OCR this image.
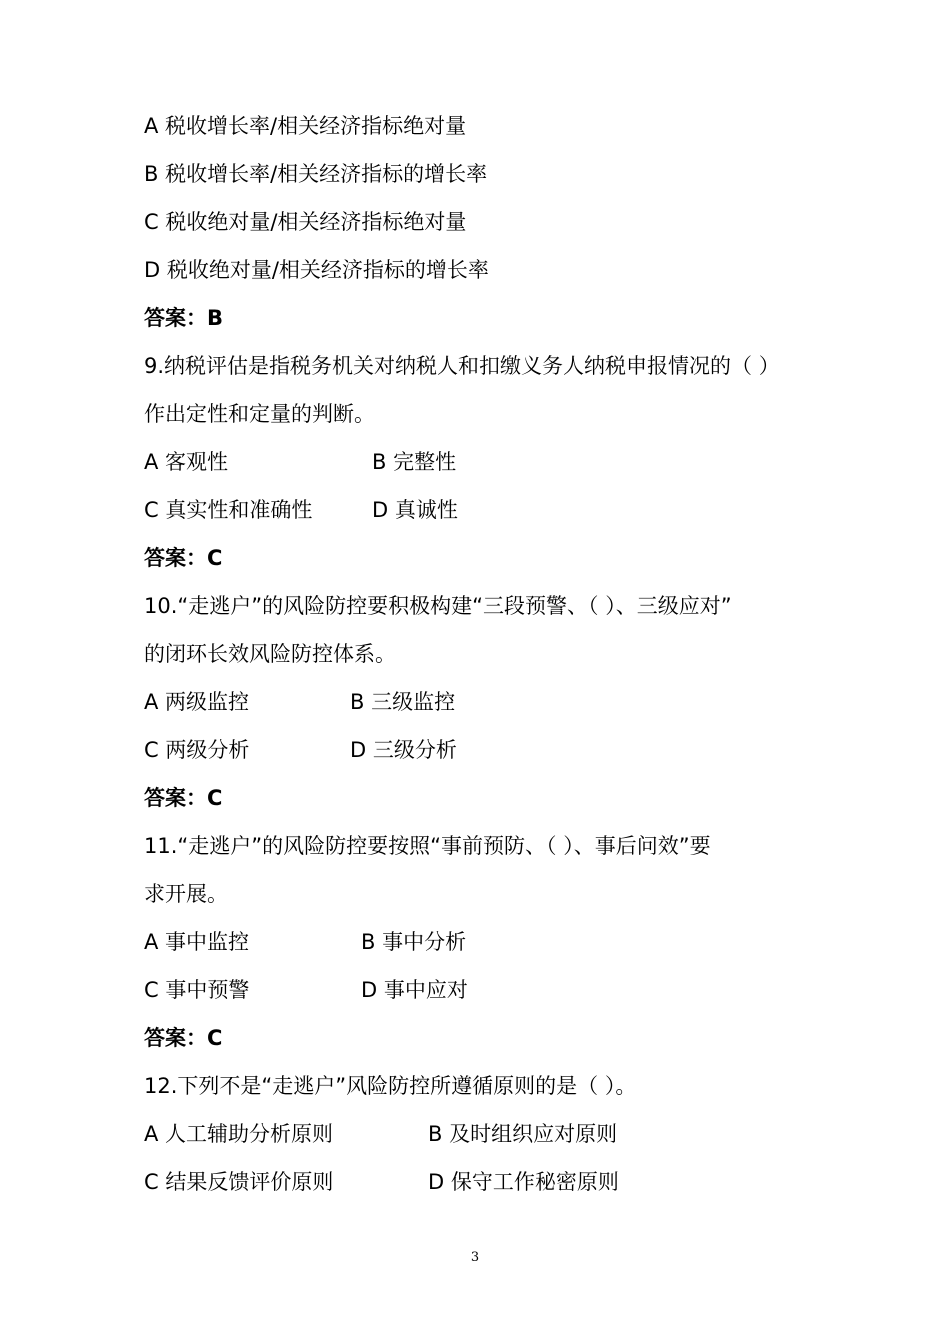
A 税收增长率/相关经济指标绝对量
B 税收增长率/相关经济指标的增长率
C 税收绝对量/相关经济指标绝对量
D 税收绝对量/相关经济指标的增长率
答案：B
9.纳税评估是指税务机关对纳税人和扣缴义务人纳税申报情况的（ ）
作出定性和定量的判断。
A 客观性	B 完整性
C 真实性和准确性	D 真诚性
答案：C
10.“走逃户”的风险防控要积极构建“三段预警、（ ）、三级应对”
的闭环长效风险防控体系。
A 两级监控	B 三级监控
C 两级分析	D 三级分析
答案：C
11.“走逃户”的风险防控要按照“事前预防、（ ）、事后问效”要
求开展。
A 事中监控	B 事中分析
C 事中预警	D 事中应对
答案：C
12.下列不是“走逃户”风险防控所遵循原则的是（ ）。
A 人工辅助分析原则	B 及时组织应对原则
C 结果反馈评价原则	D 保守工作秘密原则
3
